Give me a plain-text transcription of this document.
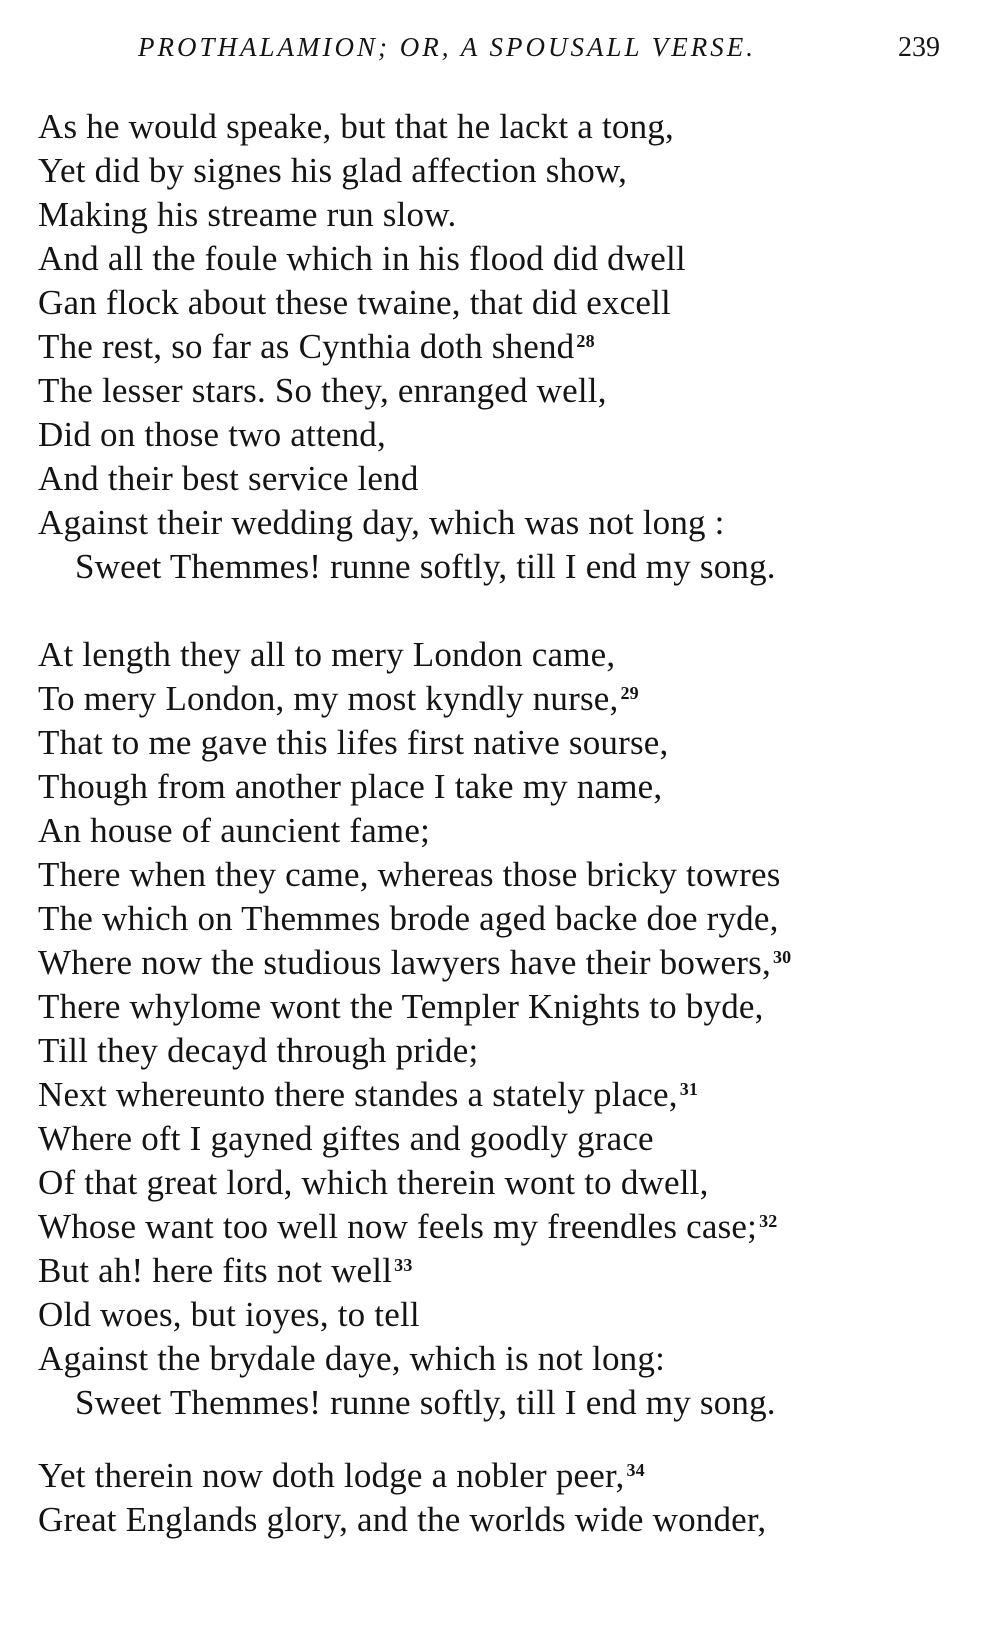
PROTHALAMION; OR, A SPOUSALL VERSE.	239
As he would speake, but that he lackt a tong,
Yet did by signes his glad affection show,
Making his streame run slow.
And all the foule which in his flood did dwell
Gan flock about these twaine, that did excell
The rest, so far as Cynthia doth shend $^{28}$
The lesser stars. So they, enranged well,
Did on those two attend,
And their best service lend
Against their wedding day, which was not long :
Sweet Themmes! runne softly, till I end my song.
At length they all to mery London came,
To mery London, my most kyndly nurse, $^{29}$
That to me gave this lifes first native sourse,
Though from another place I take my name,
An house of auncient fame;
There when they came, whereas those bricky towres
The which on Themmes brode aged backe doe ryde,
Where now the studious lawyers have their bowers, $^{30}$
There whylome wont the Templer Knights to byde,
Till they decayd through pride;
Next whereunto there standes a stately place, $^{31}$
Where oft I gayned giftes and goodly grace
Of that great lord, which therein wont to dwell,
Whose want too well now feels my freendles case; $^{32}$
But ah! here fits not well $^{33}$
Old woes, but ioyes, to tell
Against the brydale daye, which is not long:
Sweet Themmes! runne softly, till I end my song.
Yet therein now doth lodge a nobler peer, $^{34}$
Great Englands glory, and the worlds wide wonder,
